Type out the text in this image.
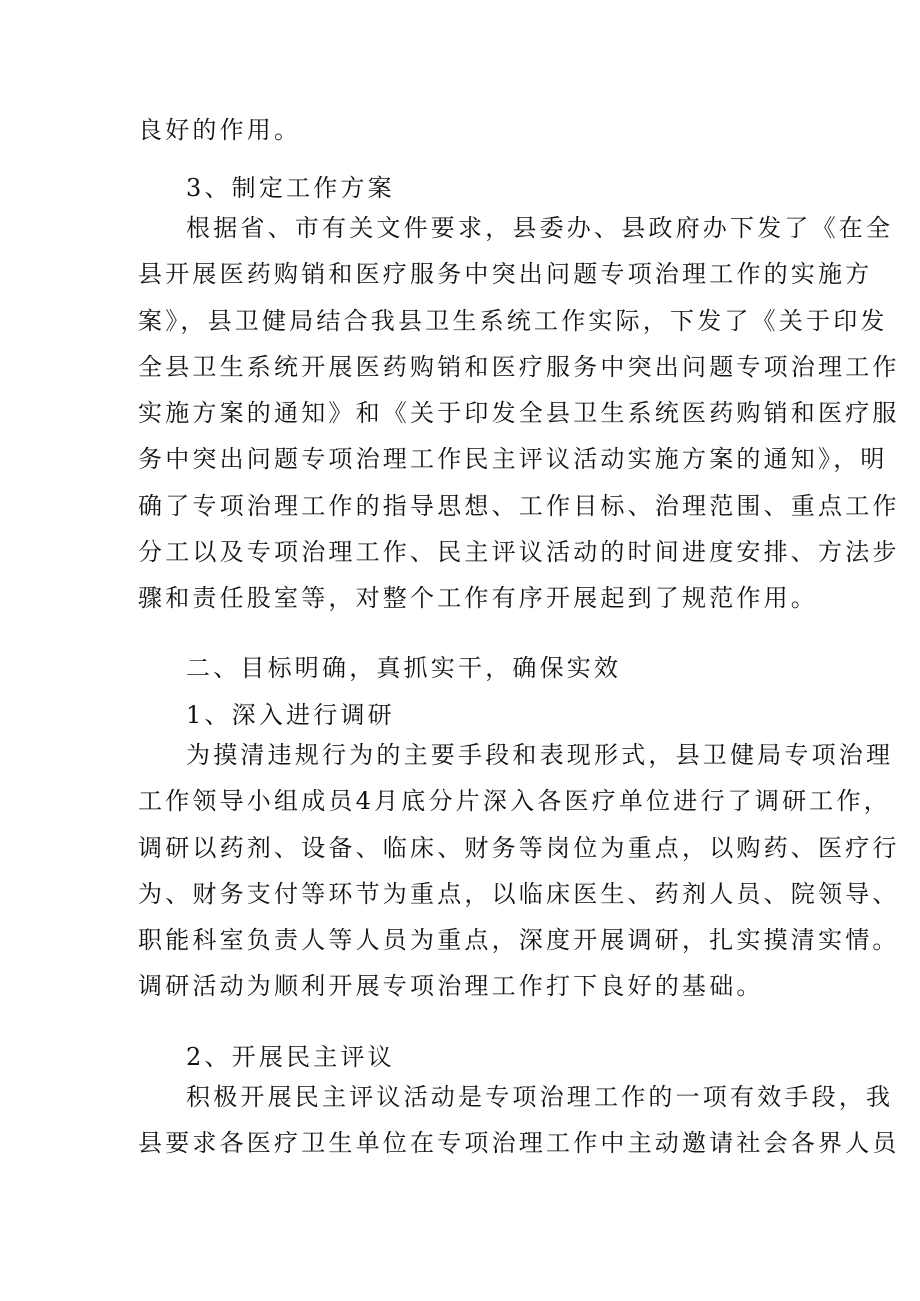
良好的作用。
3、制定工作方案
根据省、市有关文件要求，县委办、县政府办下发了《在全
县开展医药购销和医疗服务中突出问题专项治理工作的实施方
案》，县卫健局结合我县卫生系统工作实际，下发了《关于印发
全县卫生系统开展医药购销和医疗服务中突出问题专项治理工作
实施方案的通知》和《关于印发全县卫生系统医药购销和医疗服
务中突出问题专项治理工作民主评议活动实施方案的通知》，明
确了专项治理工作的指导思想、工作目标、治理范围、重点工作
分工以及专项治理工作、民主评议活动的时间进度安排、方法步
骤和责任股室等，对整个工作有序开展起到了规范作用。
二、目标明确，真抓实干，确保实效
1、深入进行调研
为摸清违规行为的主要手段和表现形式，县卫健局专项治理
工作领导小组成员4月底分片深入各医疗单位进行了调研工作，
调研以药剂、设备、临床、财务等岗位为重点，以购药、医疗行
为、财务支付等环节为重点，以临床医生、药剂人员、院领导、
职能科室负责人等人员为重点，深度开展调研，扎实摸清实情。
调研活动为顺利开展专项治理工作打下良好的基础。
2、开展民主评议
积极开展民主评议活动是专项治理工作的一项有效手段，我
县要求各医疗卫生单位在专项治理工作中主动邀请社会各界人员
